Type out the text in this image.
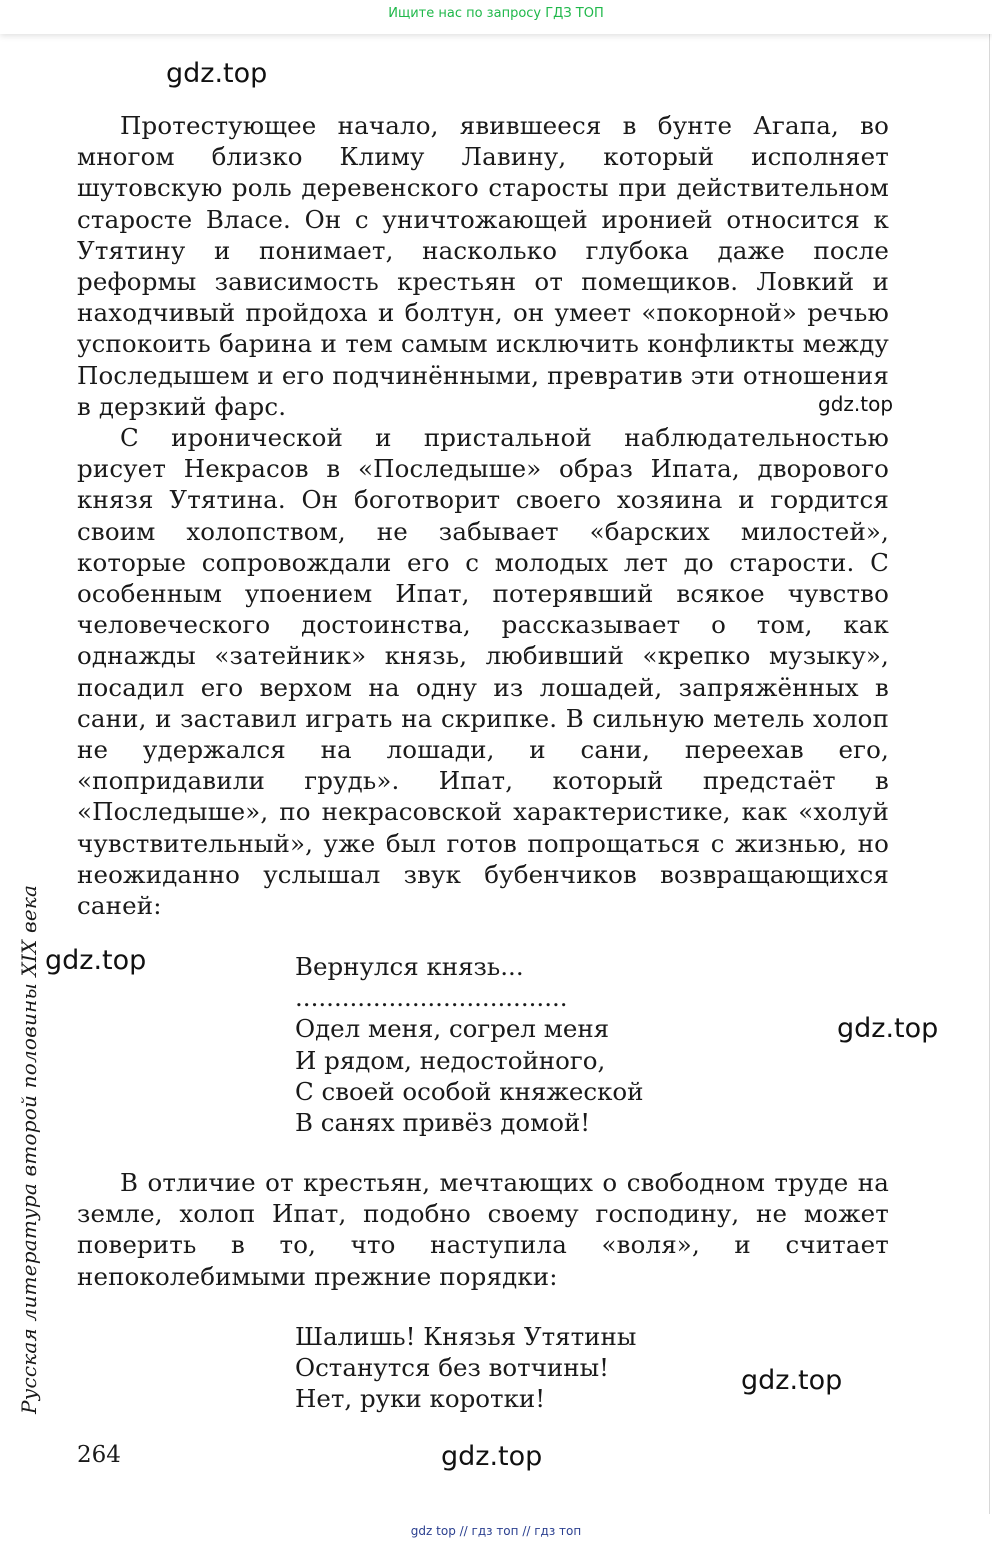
Ищите нас по запросу ГДЗ ТОП
gdz.top

Протестующее начало, явившееся в бунте Агапа, во многом близко Климу Лавину, который исполняет шутовскую роль деревенского старосты при действительном старосте Власе. Он с уничтожающей иронией относится к Утятину и понимает, насколько глубока даже после реформы зависимость крестьян от помещиков. Ловкий и находчивый пройдоха и болтун, он умеет «покорной» речью успокоить барина и тем самым исключить конфликты между Последышем и его подчинёнными, превратив эти отношения в дерзкий фарс.	gdz.top

С иронической и пристальной наблюдательностью рисует Некрасов в «Последыше» образ Ипата, дворового князя Утятина. Он боготворит своего хозяина и гордится своим холопством, не забывает «барских милостей», которые сопровождали его с молодых лет до старости. С особенным упоением Ипат, потерявший всякое чувство человеческого достоинства, рассказывает о том, как однажды «затейник» князь, любивший «крепко музыку», посадил его верхом на одну из лошадей, запряжённых в сани, и заставил играть на скрипке. В сильную метель холоп не удержался на лошади, и сани, переехав его, «попридавили грудь». Ипат, который предстаёт в «Последыше», по некрасовской характеристике, как «холуй чувствительный», уже был готов попрощаться с жизнью, но неожиданно услышал звук бубенчиков возвращающихся саней:

gdz.top	Вернулся князь...
...................................
Одел меня, согрел меня
И рядом, недостойного,
С своей особой княжеской
В санях привёз домой!
gdz.top

В отличие от крестьян, мечтающих о свободном труде на земле, холоп Ипат, подобно своему господину, не может поверить в то, что наступила «воля», и считает непоколебимыми прежние порядки:

Шалишь! Князья Утятины
Останутся без вотчины!
Нет, руки коротки!
gdz.top
Русская литература второй половины XIX века
264	gdz.top
gdz top // гдз топ // гдз топ
